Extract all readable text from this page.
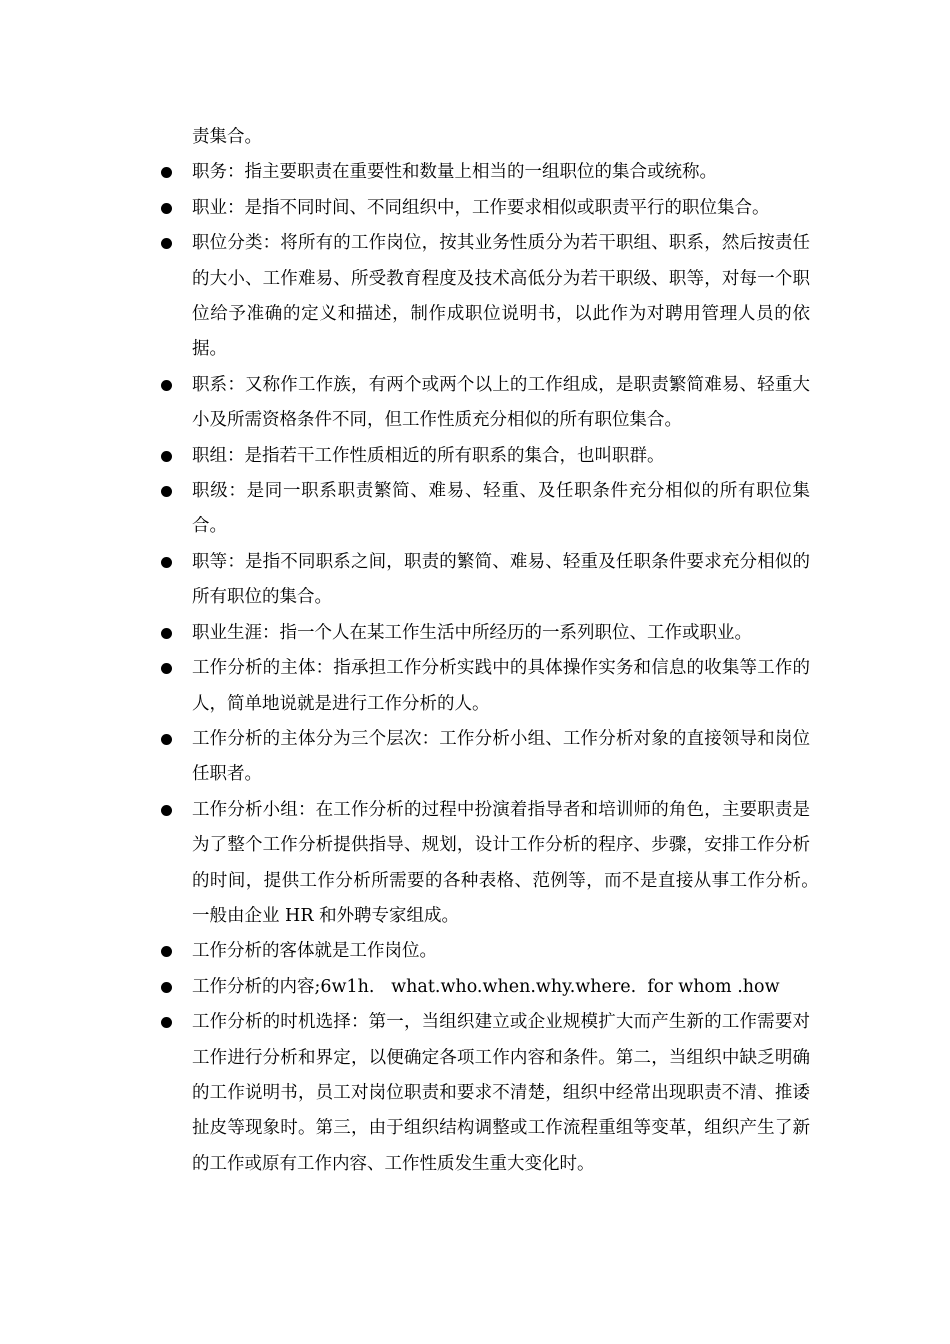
责集合。

职务：指主要职责在重要性和数量上相当的一组职位的集合或统称。
职业：是指不同时间、不同组织中，工作要求相似或职责平行的职位集合。
职位分类：将所有的工作岗位，按其业务性质分为若干职组、职系，然后按责任的大小、工作难易、所受教育程度及技术高低分为若干职级、职等，对每一个职位给予准确的定义和描述，制作成职位说明书，以此作为对聘用管理人员的依据。
职系：又称作工作族，有两个或两个以上的工作组成，是职责繁简难易、轻重大小及所需资格条件不同，但工作性质充分相似的所有职位集合。
职组：是指若干工作性质相近的所有职系的集合，也叫职群。
职级：是同一职系职责繁简、难易、轻重、及任职条件充分相似的所有职位集合。
职等：是指不同职系之间，职责的繁简、难易、轻重及任职条件要求充分相似的所有职位的集合。
职业生涯：指一个人在某工作生活中所经历的一系列职位、工作或职业。
工作分析的主体：指承担工作分析实践中的具体操作实务和信息的收集等工作的人，简单地说就是进行工作分析的人。
工作分析的主体分为三个层次：工作分析小组、工作分析对象的直接领导和岗位任职者。
工作分析小组：在工作分析的过程中扮演着指导者和培训师的角色，主要职责是为了整个工作分析提供指导、规划，设计工作分析的程序、步骤，安排工作分析的时间，提供工作分析所需要的各种表格、范例等，而不是直接从事工作分析。　一般由企业 HR 和外聘专家组成。
工作分析的客体就是工作岗位。
工作分析的内容;6w1h.   what.who.when.why.where.  for whom .how
工作分析的时机选择：第一，当组织建立或企业规模扩大而产生新的工作需要对工作进行分析和界定，以便确定各项工作内容和条件。第二，当组织中缺乏明确的工作说明书，员工对岗位职责和要求不清楚，组织中经常出现职责不清、推诿扯皮等现象时。第三，由于组织结构调整或工作流程重组等变革，组织产生了新的工作或原有工作内容、工作性质发生重大变化时。
